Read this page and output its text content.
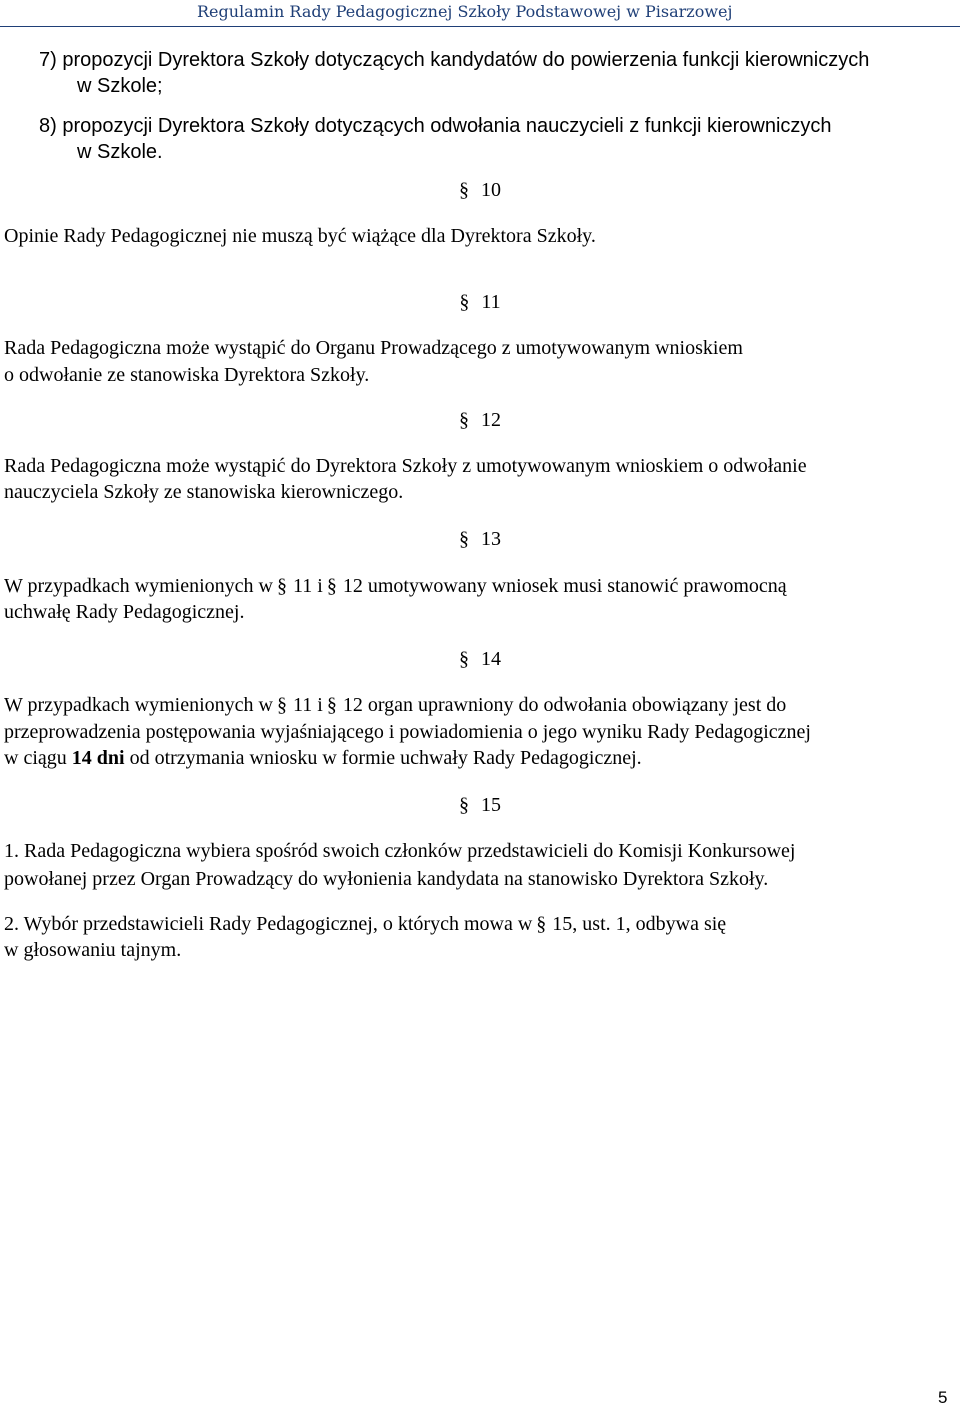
Regulamin Rady Pedagogicznej Szkoły Podstawowej w Pisarzowej
7) propozycji Dyrektora Szkoły dotyczących kandydatów do powierzenia funkcji kierowniczych
w Szkole;
8) propozycji Dyrektora Szkoły dotyczących odwołania nauczycieli z funkcji kierowniczych
w Szkole.
§ 10
Opinie Rady Pedagogicznej nie muszą być wiążące dla Dyrektora Szkoły.
§ 11
Rada Pedagogiczna może wystąpić do Organu Prowadzącego z umotywowanym wnioskiem
o odwołanie ze stanowiska Dyrektora Szkoły.
§ 12
Rada Pedagogiczna może wystąpić do Dyrektora Szkoły z umotywowanym wnioskiem o odwołanie
nauczyciela Szkoły ze stanowiska kierowniczego.
§ 13
W przypadkach wymienionych w § 11 i § 12 umotywowany wniosek musi stanowić prawomocną
uchwałę Rady Pedagogicznej.
§ 14
W przypadkach wymienionych w § 11 i § 12 organ uprawniony do odwołania obowiązany jest do
przeprowadzenia postępowania wyjaśniającego i powiadomienia o jego wyniku Rady Pedagogicznej
w ciągu 14 dni od otrzymania wniosku w formie uchwały Rady Pedagogicznej.
§ 15
1. Rada Pedagogiczna wybiera spośród swoich członków przedstawicieli do Komisji Konkursowej
powołanej przez Organ Prowadzący do wyłonienia kandydata na stanowisko Dyrektora Szkoły.
2. Wybór przedstawicieli Rady Pedagogicznej, o których mowa w § 15, ust. 1, odbywa się
w głosowaniu tajnym.
5
